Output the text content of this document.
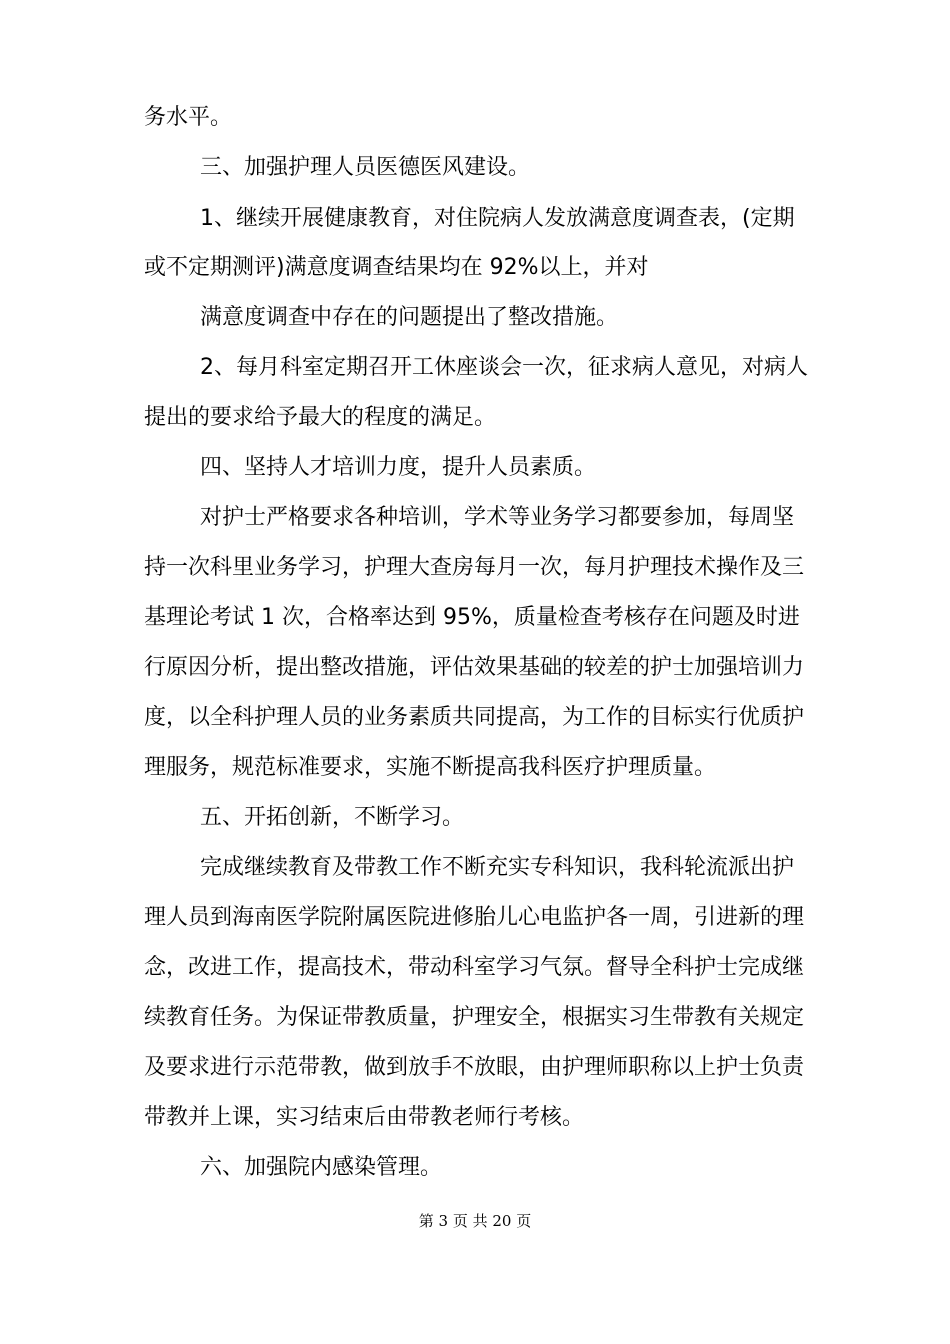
务水平。
三、加强护理人员医德医风建设。
1、继续开展健康教育，对住院病人发放满意度调查表，(定期
或不定期测评)满意度调查结果均在 92%以上，并对
满意度调查中存在的问题提出了整改措施。
2、每月科室定期召开工休座谈会一次，征求病人意见，对病人
提出的要求给予最大的程度的满足。
四、坚持人才培训力度，提升人员素质。
对护士严格要求各种培训，学术等业务学习都要参加，每周坚
持一次科里业务学习，护理大查房每月一次，每月护理技术操作及三
基理论考试 1 次，合格率达到 95%，质量检查考核存在问题及时进
行原因分析，提出整改措施，评估效果基础的较差的护士加强培训力
度，以全科护理人员的业务素质共同提高，为工作的目标实行优质护
理服务，规范标准要求，实施不断提高我科医疗护理质量。
五、开拓创新，不断学习。
完成继续教育及带教工作不断充实专科知识，我科轮流派出护
理人员到海南医学院附属医院进修胎儿心电监护各一周，引进新的理
念，改进工作，提高技术，带动科室学习气氛。督导全科护士完成继
续教育任务。为保证带教质量，护理安全，根据实习生带教有关规定
及要求进行示范带教，做到放手不放眼，由护理师职称以上护士负责
带教并上课，实习结束后由带教老师行考核。
六、加强院内感染管理。
第 3 页 共 20 页
